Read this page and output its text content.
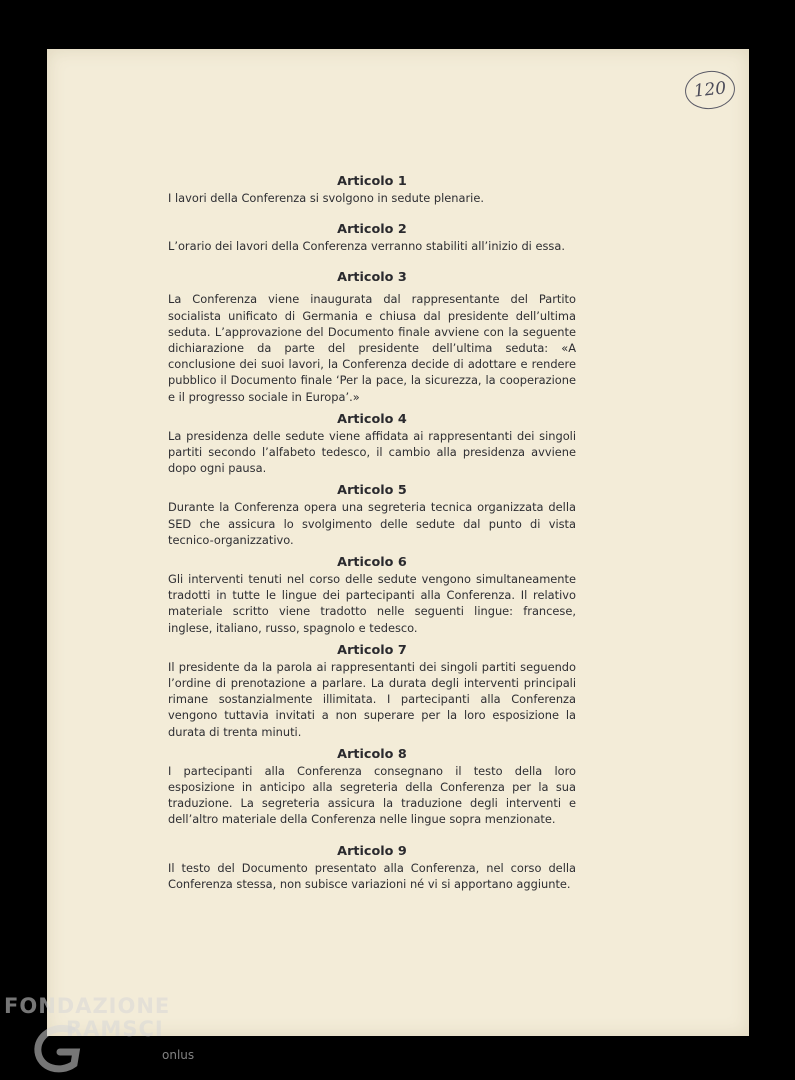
120
Articolo 1

I lavori della Conferenza si svolgono in sedute plenarie.

Articolo 2

L’orario dei lavori della Conferenza verranno stabiliti all’inizio di essa.

Articolo 3

La Conferenza viene inaugurata dal rappresentante del Partito socialista unificato di Germania e chiusa dal presidente dell’ultima seduta. L’approvazione del Documento finale avviene con la seguente dichiarazione da parte del presidente dell’ultima seduta: «A conclusione dei suoi lavori, la Conferenza decide di adottare e rendere pubblico il Documento finale ‘Per la pace, la sicurezza, la cooperazione e il progresso sociale in Europa’.»

Articolo 4

La presidenza delle sedute viene affidata ai rappresentanti dei singoli partiti secondo l’alfabeto tedesco, il cambio alla presidenza avviene dopo ogni pausa.

Articolo 5

Durante la Conferenza opera una segreteria tecnica organizzata della SED che assicura lo svolgimento delle sedute dal punto di vista tecnico-organizzativo.

Articolo 6

Gli interventi tenuti nel corso delle sedute vengono simultaneamente tradotti in tutte le lingue dei partecipanti alla Conferenza. Il relativo materiale scritto viene tradotto nelle seguenti lingue: francese, inglese, italiano, russo, spagnolo e tedesco.

Articolo 7

Il presidente da la parola ai rappresentanti dei singoli partiti seguendo l’ordine di prenotazione a parlare. La durata degli interventi principali rimane sostanzialmente illimitata. I partecipanti alla Conferenza vengono tuttavia invitati a non superare per la loro esposizione la durata di trenta minuti.

Articolo 8

I partecipanti alla Conferenza consegnano il testo della loro esposizione in anticipo alla segreteria della Conferenza per la sua traduzione. La segreteria assicura la traduzione degli interventi e dell’altro materiale della Conferenza nelle lingue sopra menzionate.

Articolo 9

Il testo del Documento presentato alla Conferenza, nel corso della Conferenza stessa, non subisce variazioni né vi si apportano aggiunte.

FONDAZIONE
RAMSCI
onlus
